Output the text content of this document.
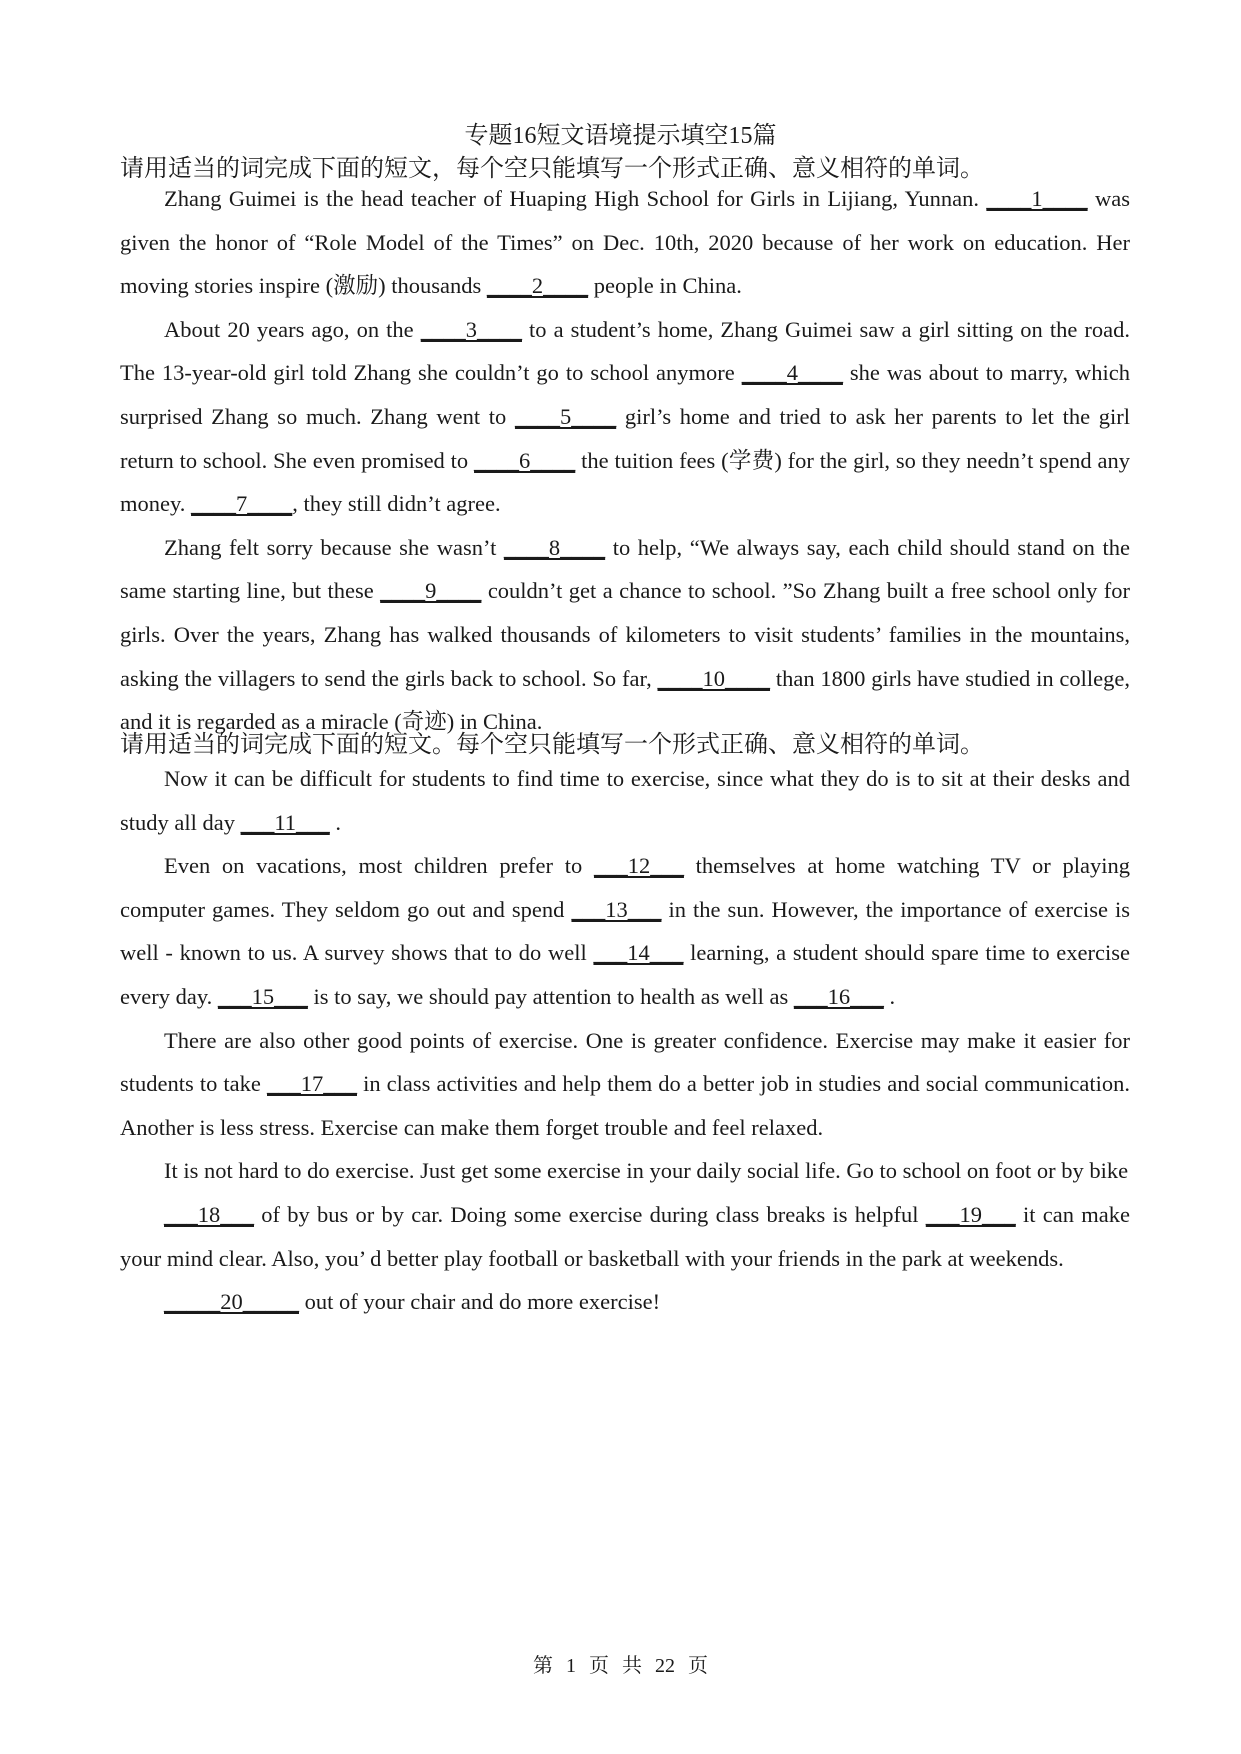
专题16短文语境提示填空15篇
请用适当的词完成下面的短文，每个空只能填写一个形式正确、意义相符的单词。

Zhang Guimei is the head teacher of Huaping High School for Girls in Lijiang, Yunnan. ____1____ was given the honor of “Role Model of the Times” on Dec. 10th, 2020 because of her work on education. Her moving stories inspire (激励) thousands ____2____ people in China.

About 20 years ago, on the ____3____ to a student’s home, Zhang Guimei saw a girl sitting on the road. The 13-year-old girl told Zhang she couldn’t go to school anymore ____4____ she was about to marry, which surprised Zhang so much. Zhang went to ____5____ girl’s home and tried to ask her parents to let the girl return to school. She even promised to ____6____ the tuition fees (学费) for the girl, so they needn’t spend any money. ____7____, they still didn’t agree.

Zhang felt sorry because she wasn’t ____8____ to help, “We always say, each child should stand on the same starting line, but these ____9____ couldn’t get a chance to school. ”So Zhang built a free school only for girls. Over the years, Zhang has walked thousands of kilometers to visit students’ families in the mountains, asking the villagers to send the girls back to school. So far, ____10____ than 1800 girls have studied in college, and it is regarded as a miracle (奇迹) in China.

请用适当的词完成下面的短文。每个空只能填写一个形式正确、意义相符的单词。

Now it can be difficult for students to find time to exercise, since what they do is to sit at their desks and study all day ___11___ .

Even on vacations, most children prefer to ___12___ themselves at home watching TV or playing computer games. They seldom go out and spend ___13___ in the sun. However, the importance of exercise is well - known to us. A survey shows that to do well ___14___ learning, a student should spare time to exercise every day. ___15___ is to say, we should pay attention to health as well as ___16___ .

There are also other good points of exercise. One is greater confidence. Exercise may make it easier for students to take ___17___ in class activities and help them do a better job in studies and social communication. Another is less stress. Exercise can make them forget trouble and feel relaxed.

It is not hard to do exercise. Just get some exercise in your daily social life. Go to school on foot or by bike

___18___ of by bus or by car. Doing some exercise during class breaks is helpful ___19___ it can make your mind clear. Also, you’ d better play football or basketball with your friends in the park at weekends.

_____20_____ out of your chair and do more exercise!

第 1 页 共 22 页
